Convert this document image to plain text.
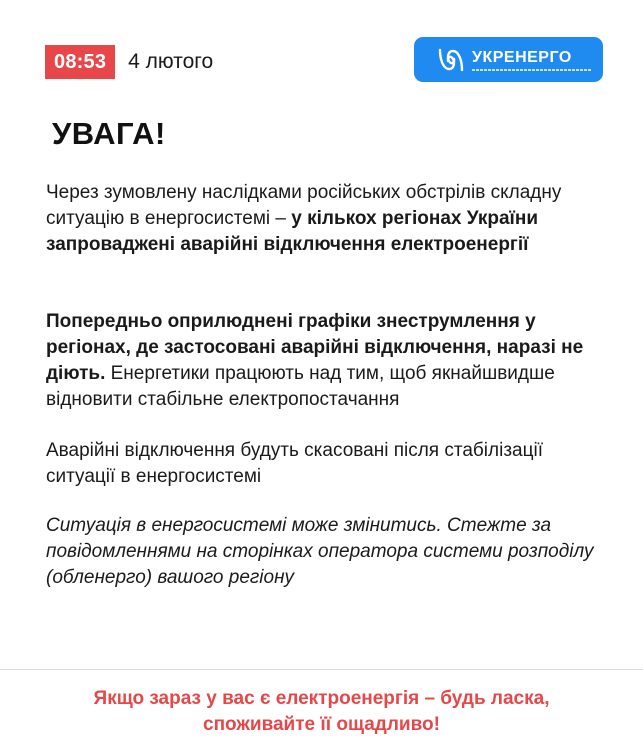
08:53	4 лютого	УКРЕНЕРГО
УВАГА!

Через зумовлену наслідками російських обстрілів складну ситуацію в енергосистемі – у кількох регіонах України запроваджені аварійні відключення електроенергії

Попередньо оприлюднені графіки знеструмлення у регіонах, де застосовані аварійні відключення, наразі не діють. Енергетики працюють над тим, щоб якнайшвидше відновити стабільне електропостачання

Аварійні відключення будуть скасовані після стабілізації ситуації в енергосистемі

Ситуація в енергосистемі може змінитись. Стежте за повідомленнями на сторінках оператора системи розподілу (обленерго) вашого регіону

Якщо зараз у вас є електроенергія – будь ласка,
споживайте її ощадливо!
